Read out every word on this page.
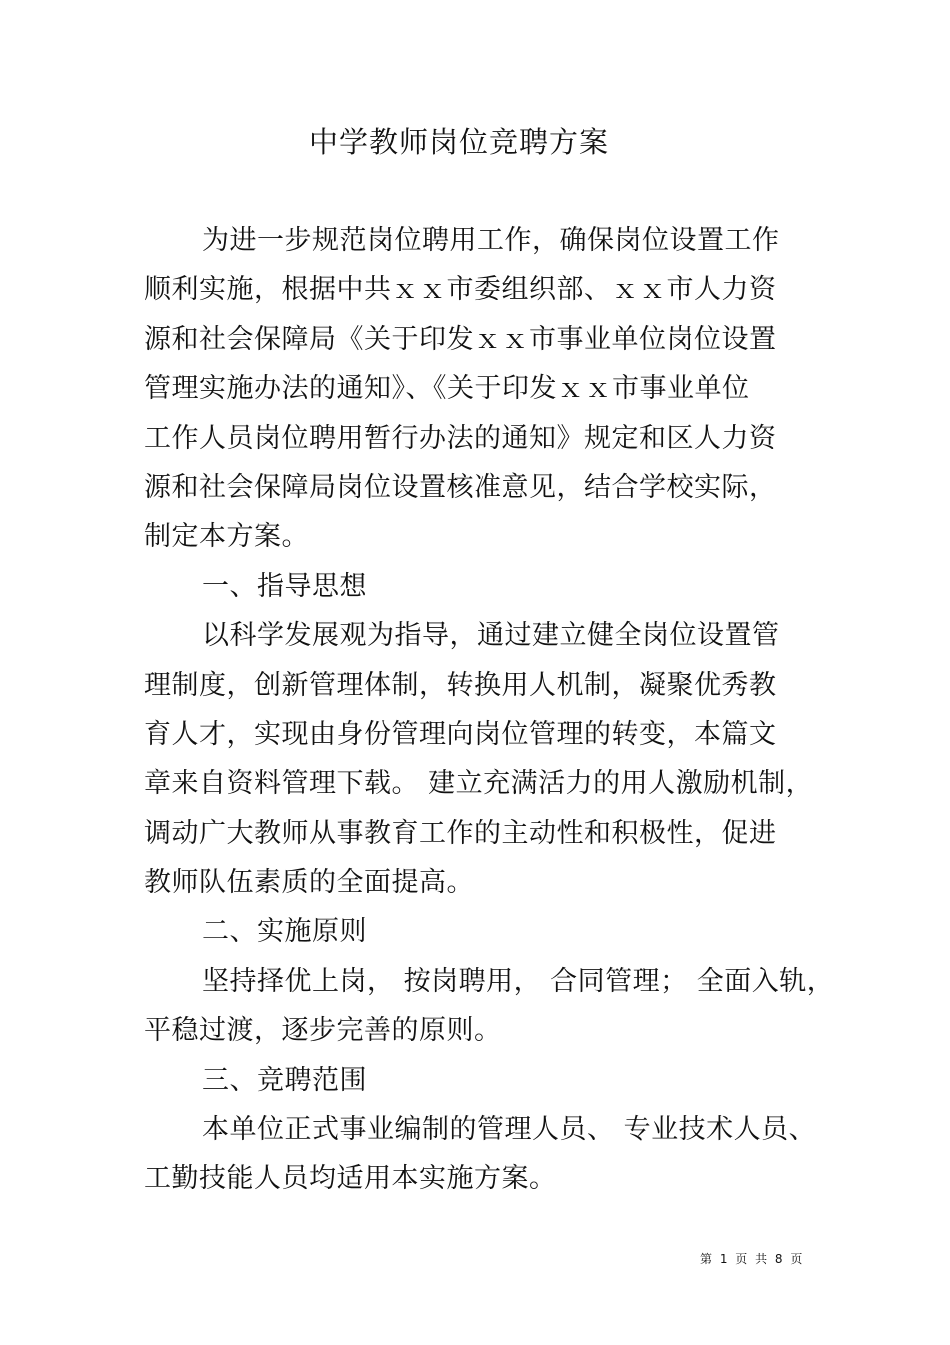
中学教师岗位竞聘方案
为进一步规范岗位聘用工作，确保岗位设置工作
顺利实施，根据中共ｘｘ市委组织部、ｘｘ市人力资
源和社会保障局《关于印发ｘｘ市事业单位岗位设置
管理实施办法的通知》、《关于印发ｘｘ市事业单位
工作人员岗位聘用暂行办法的通知》规定和区人力资
源和社会保障局岗位设置核准意见，结合学校实际，
制定本方案。
一、指导思想
以科学发展观为指导，通过建立健全岗位设置管
理制度，创新管理体制，转换用人机制，凝聚优秀教
育人才，实现由身份管理向岗位管理的转变，本篇文
章来自资料管理下载。 建立充满活力的用人激励机制，
调动广大教师从事教育工作的主动性和积极性，促进
教师队伍素质的全面提高。
二、实施原则
坚持择优上岗， 按岗聘用， 合同管理； 全面入轨，
平稳过渡，逐步完善的原则。
三、竞聘范围
本单位正式事业编制的管理人员、 专业技术人员、
工勤技能人员均适用本实施方案。
第 1 页 共 8 页
